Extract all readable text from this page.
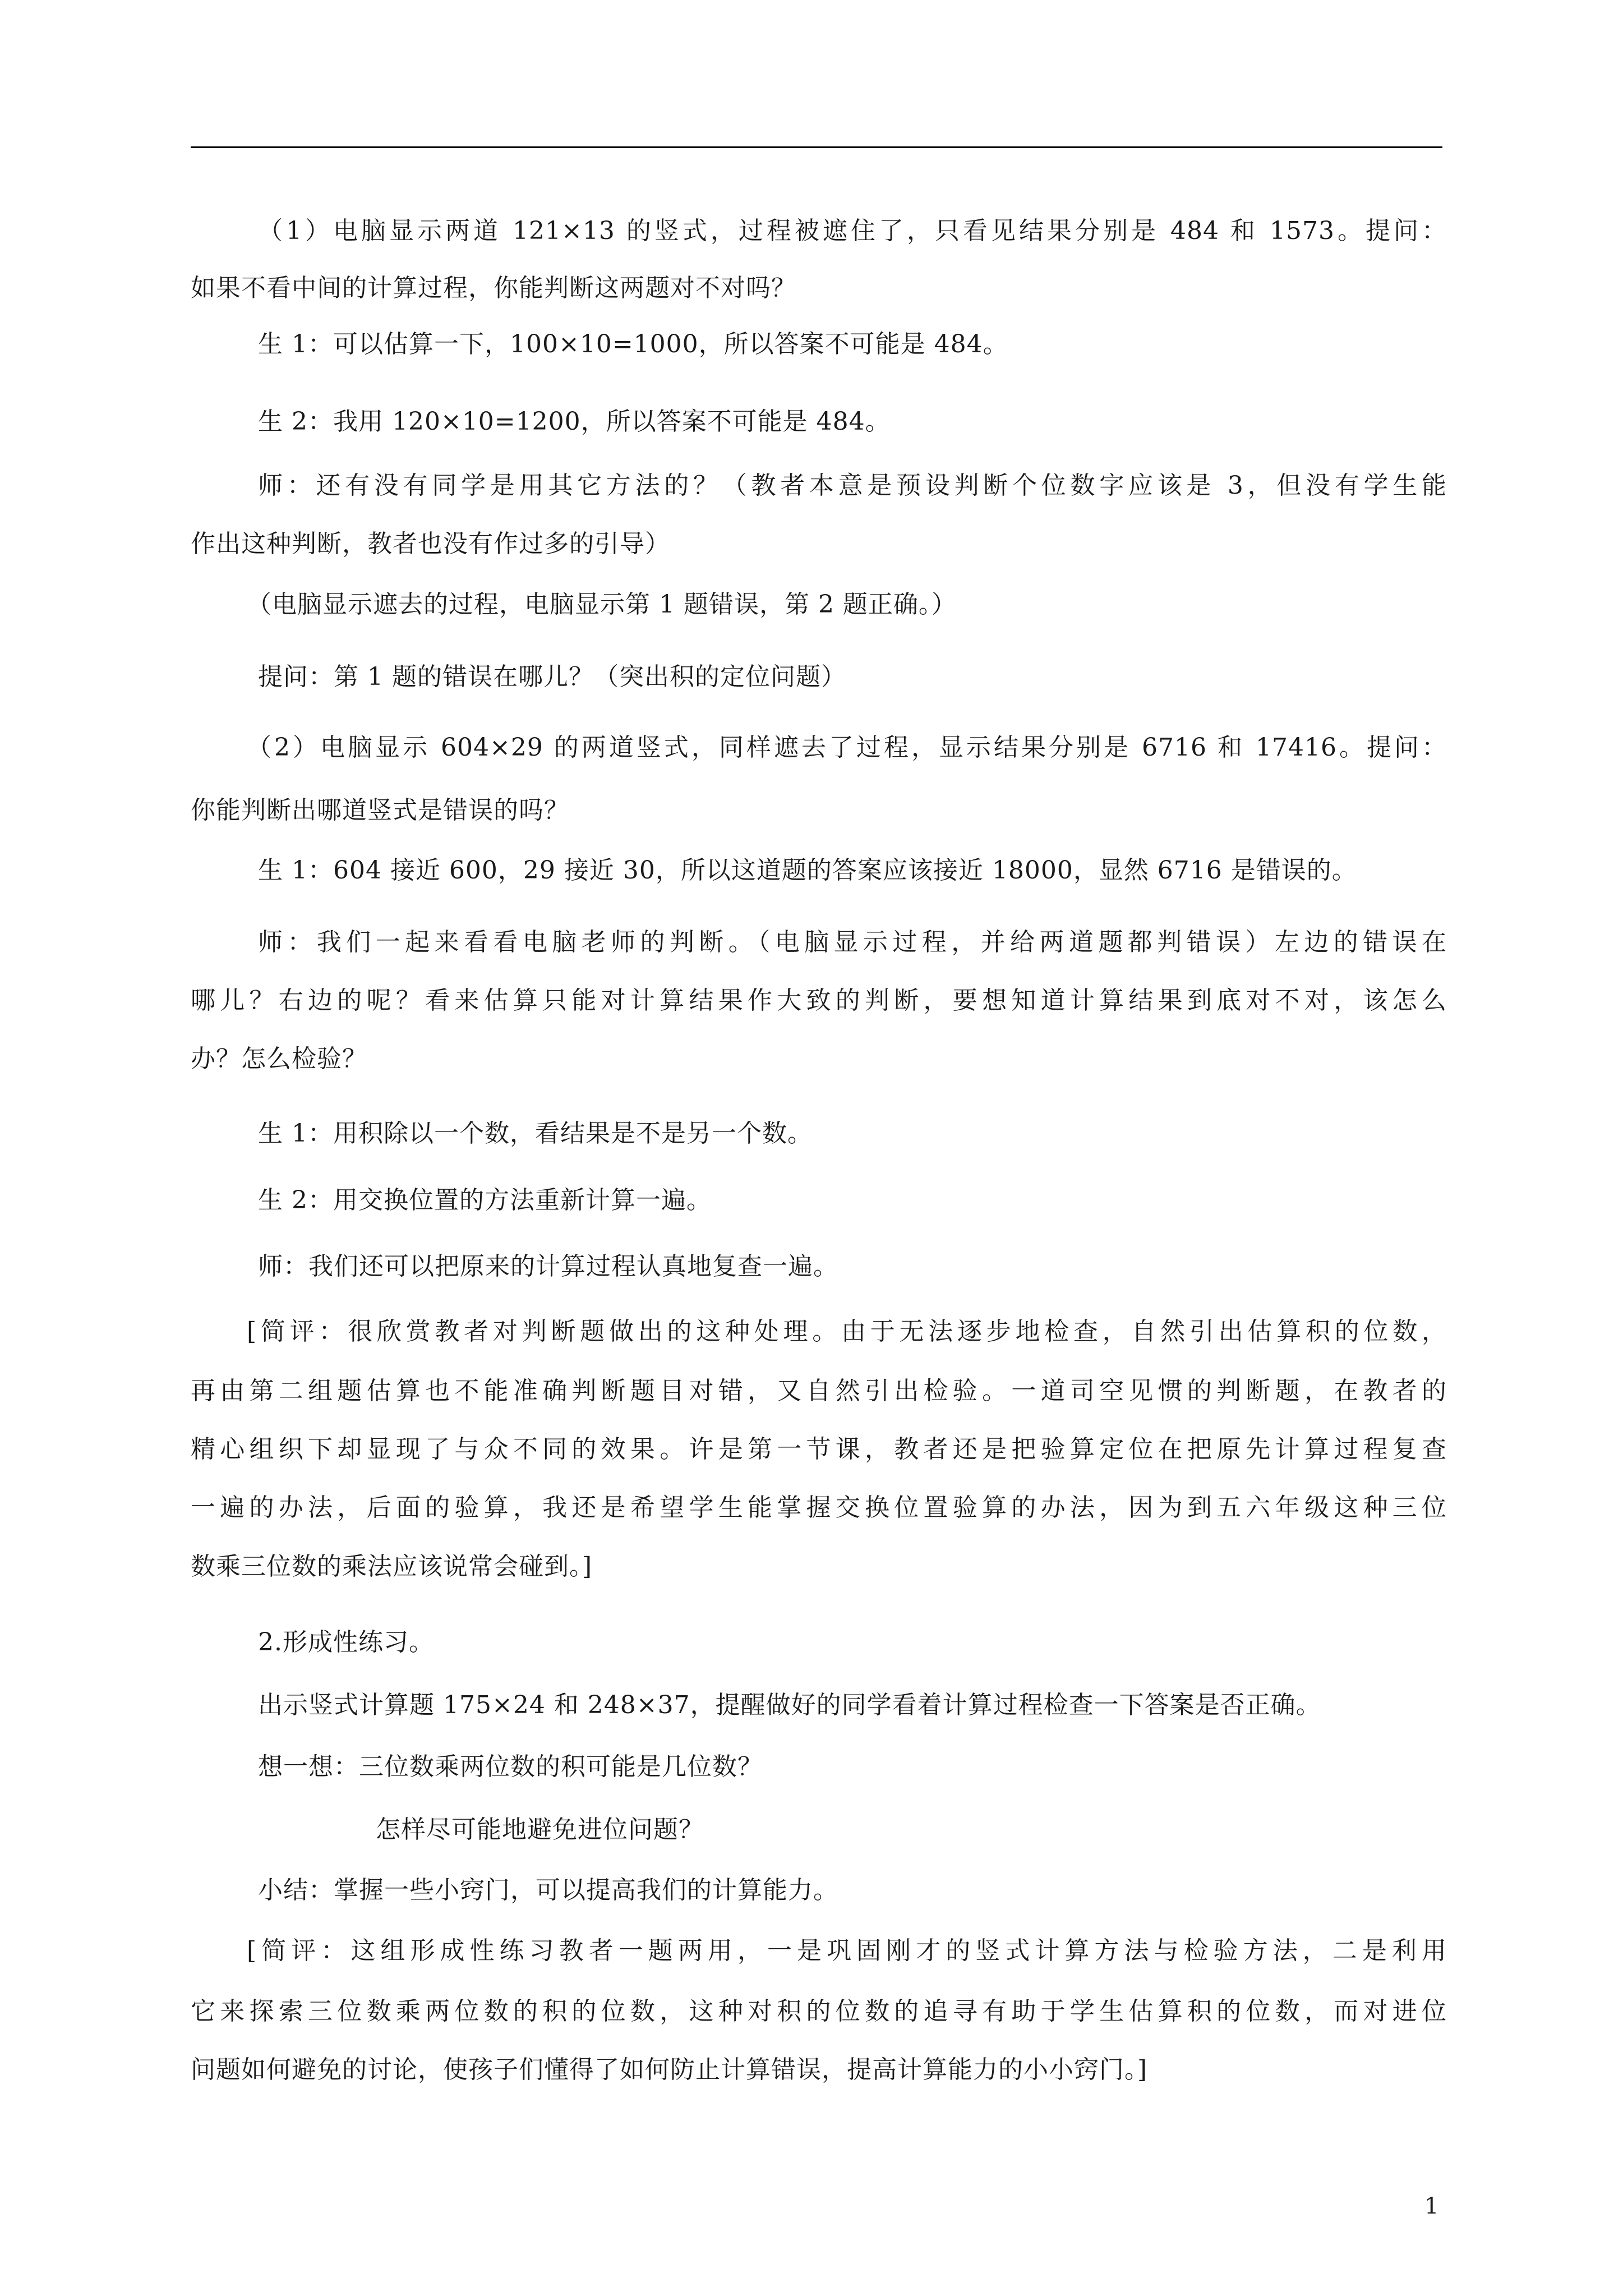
（1）电脑显示两道 121×13 的竖式，过程被遮住了，只看见结果分别是 484 和 1573。提问：
如果不看中间的计算过程，你能判断这两题对不对吗？
生 1：可以估算一下，100×10=1000，所以答案不可能是 484。
生 2：我用 120×10=1200，所以答案不可能是 484。
师：还有没有同学是用其它方法的？（教者本意是预设判断个位数字应该是 3，但没有学生能
作出这种判断，教者也没有作过多的引导）
（电脑显示遮去的过程，电脑显示第 1 题错误，第 2 题正确。）
提问：第 1 题的错误在哪儿？（突出积的定位问题）
（2）电脑显示 604×29 的两道竖式，同样遮去了过程，显示结果分别是 6716 和 17416。提问：
你能判断出哪道竖式是错误的吗？
生 1：604 接近 600，29 接近 30，所以这道题的答案应该接近 18000，显然 6716 是错误的。
师：我们一起来看看电脑老师的判断。（电脑显示过程，并给两道题都判错误）左边的错误在
哪儿？右边的呢？看来估算只能对计算结果作大致的判断，要想知道计算结果到底对不对，该怎么
办？怎么检验？
生 1：用积除以一个数，看结果是不是另一个数。
生 2：用交换位置的方法重新计算一遍。
师：我们还可以把原来的计算过程认真地复查一遍。
[简评：很欣赏教者对判断题做出的这种处理。由于无法逐步地检查，自然引出估算积的位数，
再由第二组题估算也不能准确判断题目对错，又自然引出检验。一道司空见惯的判断题，在教者的
精心组织下却显现了与众不同的效果。许是第一节课，教者还是把验算定位在把原先计算过程复查
一遍的办法，后面的验算，我还是希望学生能掌握交换位置验算的办法，因为到五六年级这种三位
数乘三位数的乘法应该说常会碰到。]
2.形成性练习。
出示竖式计算题 175×24 和 248×37，提醒做好的同学看着计算过程检查一下答案是否正确。
想一想：三位数乘两位数的积可能是几位数？
怎样尽可能地避免进位问题？
小结：掌握一些小窍门，可以提高我们的计算能力。
[简评：这组形成性练习教者一题两用，一是巩固刚才的竖式计算方法与检验方法，二是利用
它来探索三位数乘两位数的积的位数，这种对积的位数的追寻有助于学生估算积的位数，而对进位
问题如何避免的讨论，使孩子们懂得了如何防止计算错误，提高计算能力的小小窍门。]
1
